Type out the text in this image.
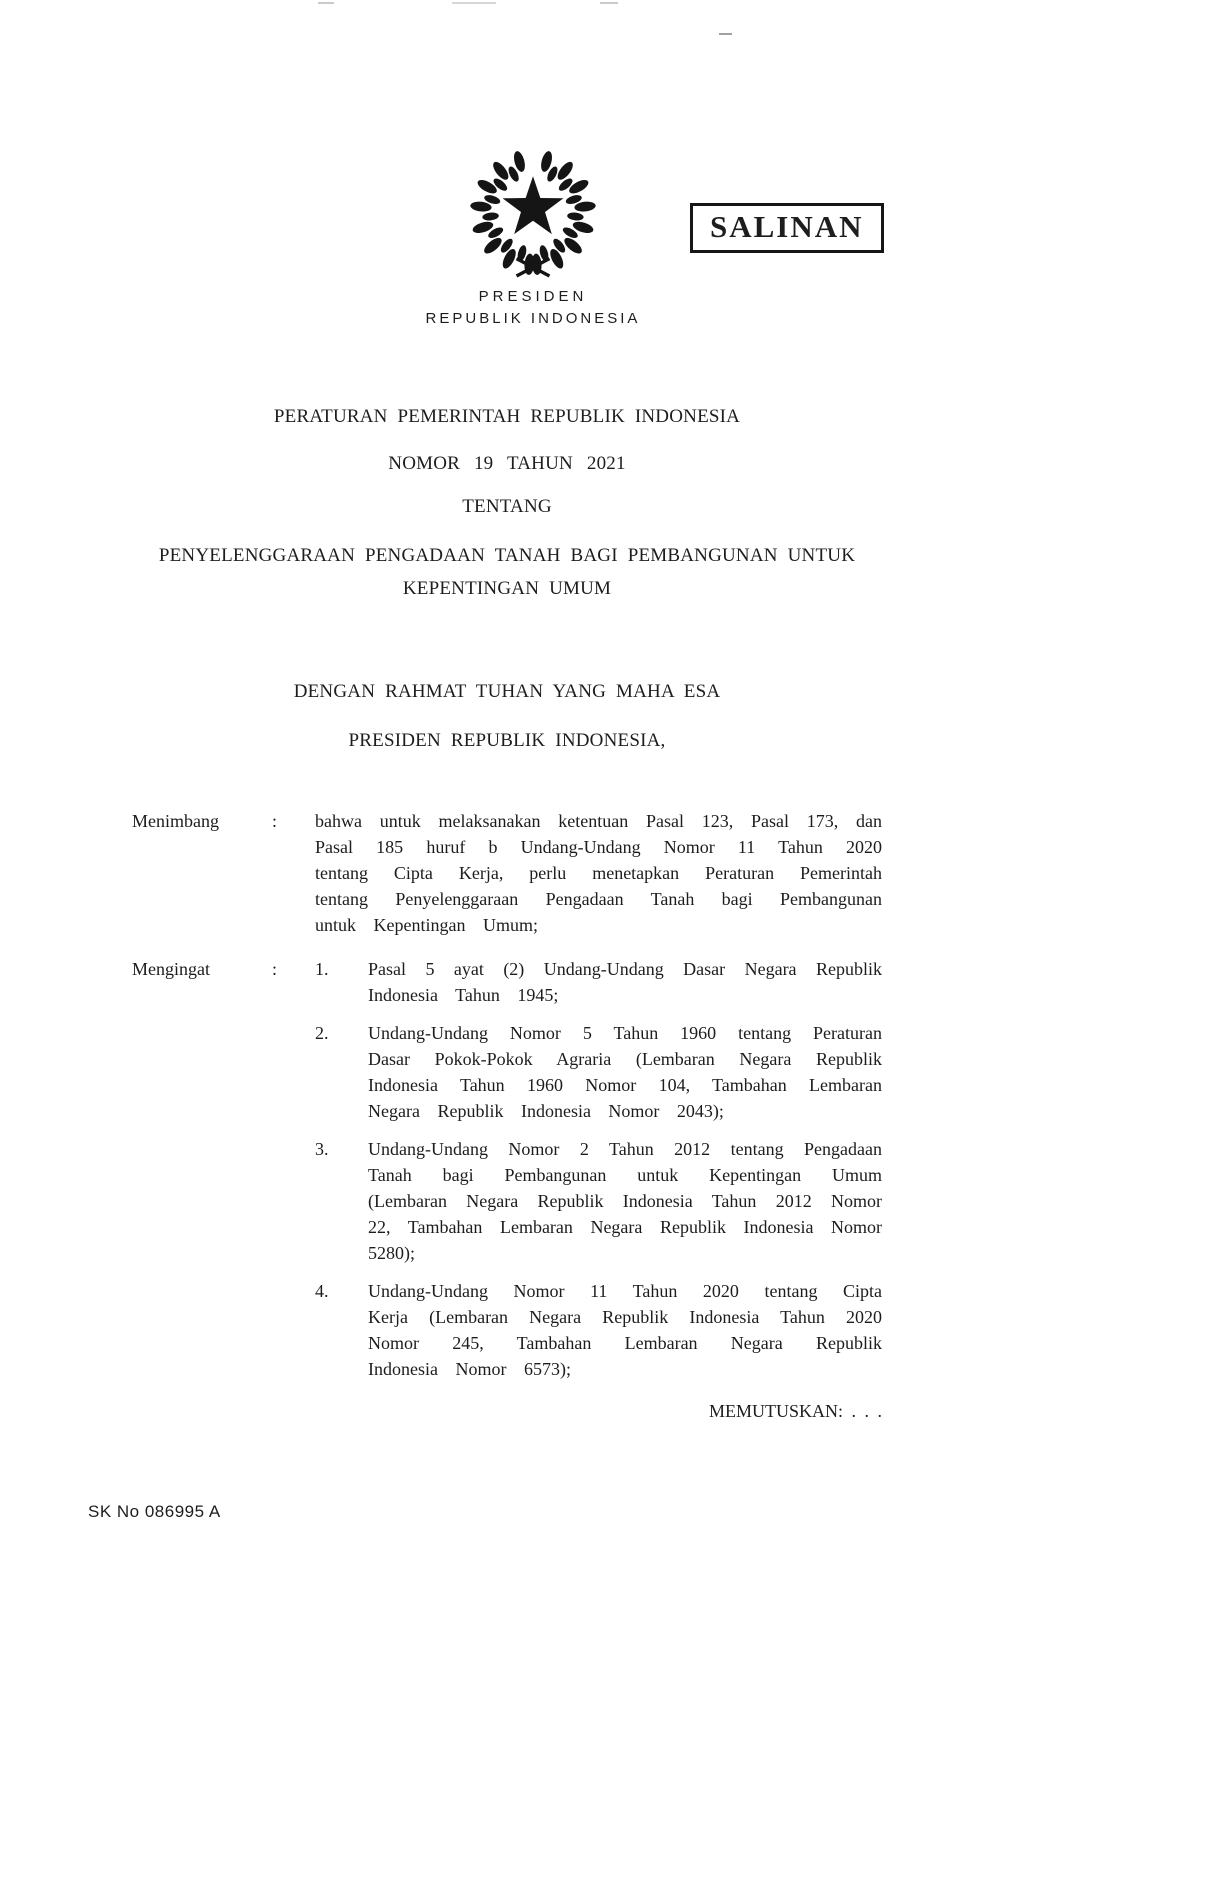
SALINAN
PRESIDEN
REPUBLIK INDONESIA
PERATURAN PEMERINTAH REPUBLIK INDONESIA
NOMOR 19 TAHUN 2021
TENTANG
PENYELENGGARAAN PENGADAAN TANAH BAGI PEMBANGUNAN UNTUK KEPENTINGAN UMUM
DENGAN RAHMAT TUHAN YANG MAHA ESA
PRESIDEN REPUBLIK INDONESIA,
Menimbang	:	bahwa untuk melaksanakan ketentuan Pasal 123, Pasal 173, dan Pasal 185 huruf b Undang-Undang Nomor 11 Tahun 2020 tentang Cipta Kerja, perlu menetapkan Peraturan Pemerintah tentang Penyelenggaraan Pengadaan Tanah bagi Pembangunan untuk Kepentingan Umum;
Mengingat	:	1.	Pasal 5 ayat (2) Undang-Undang Dasar Negara Republik Indonesia Tahun 1945;
2.	Undang-Undang Nomor 5 Tahun 1960 tentang Peraturan Dasar Pokok-Pokok Agraria (Lembaran Negara Republik Indonesia Tahun 1960 Nomor 104, Tambahan Lembaran Negara Republik Indonesia Nomor 2043);
3.	Undang-Undang Nomor 2 Tahun 2012 tentang Pengadaan Tanah bagi Pembangunan untuk Kepentingan Umum (Lembaran Negara Republik Indonesia Tahun 2012 Nomor 22, Tambahan Lembaran Negara Republik Indonesia Nomor 5280);
4.	Undang-Undang Nomor 11 Tahun 2020 tentang Cipta Kerja (Lembaran Negara Republik Indonesia Tahun 2020 Nomor 245, Tambahan Lembaran Negara Republik Indonesia Nomor 6573);
MEMUTUSKAN: . . .
SK No 086995 A
